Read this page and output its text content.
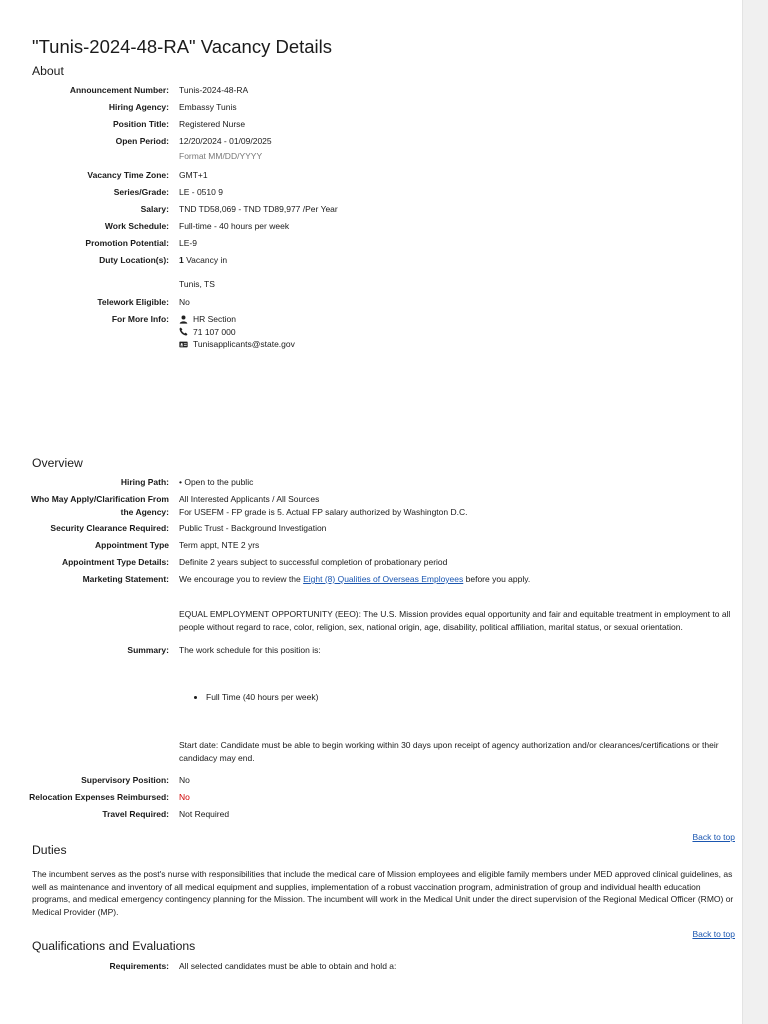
"Tunis-2024-48-RA" Vacancy Details
About
Announcement Number: Tunis-2024-48-RA
Hiring Agency: Embassy Tunis
Position Title: Registered Nurse
Open Period: 12/20/2024 - 01/09/2025
Format MM/DD/YYYY
Vacancy Time Zone: GMT+1
Series/Grade: LE - 0510 9
Salary: TND TD58,069 - TND TD89,977 /Per Year
Work Schedule: Full-time - 40 hours per week
Promotion Potential: LE-9
Duty Location(s): 1 Vacancy in
Tunis, TS
Telework Eligible: No
For More Info:	HR Section
71 107 000
Tunisapplicants@state.gov
Overview
Hiring Path: • Open to the public
Who May Apply/Clarification From
the Agency:
All Interested Applicants / All Sources
For USEFM - FP grade is 5. Actual FP salary authorized by Washington D.C.
Security Clearance Required: Public Trust - Background Investigation
Appointment Type Term appt, NTE 2 yrs
Appointment Type Details: Definite 2 years subject to successful completion of probationary period
Marketing Statement: We encourage you to review the Eight (8) Qualities of Overseas Employees before you apply.
EQUAL EMPLOYMENT OPPORTUNITY (EEO): The U.S. Mission provides equal opportunity and fair and equitable treatment in employment to all people without regard to race, color, religion, sex, national origin, age, disability, political affiliation, marital status, or sexual orientation.
Summary: The work schedule for this position is:
• Full Time (40 hours per week)
Start date: Candidate must be able to begin working within 30 days upon receipt of agency authorization and/or clearances/certifications or their candidacy may end.
Supervisory Position: No
Relocation Expenses Reimbursed: No
Travel Required: Not Required
Back to top
Duties
The incumbent serves as the post's nurse with responsibilities that include the medical care of Mission employees and eligible family members under MED approved clinical guidelines, as well as maintenance and inventory of all medical equipment and supplies, implementation of a robust vaccination program, administration of group and individual health education programs, and medical emergency contingency planning for the Mission. The incumbent will work in the Medical Unit under the direct supervision of the Regional Medical Officer (RMO) or Medical Provider (MP).
Back to top
Qualifications and Evaluations
Requirements: All selected candidates must be able to obtain and hold a:
